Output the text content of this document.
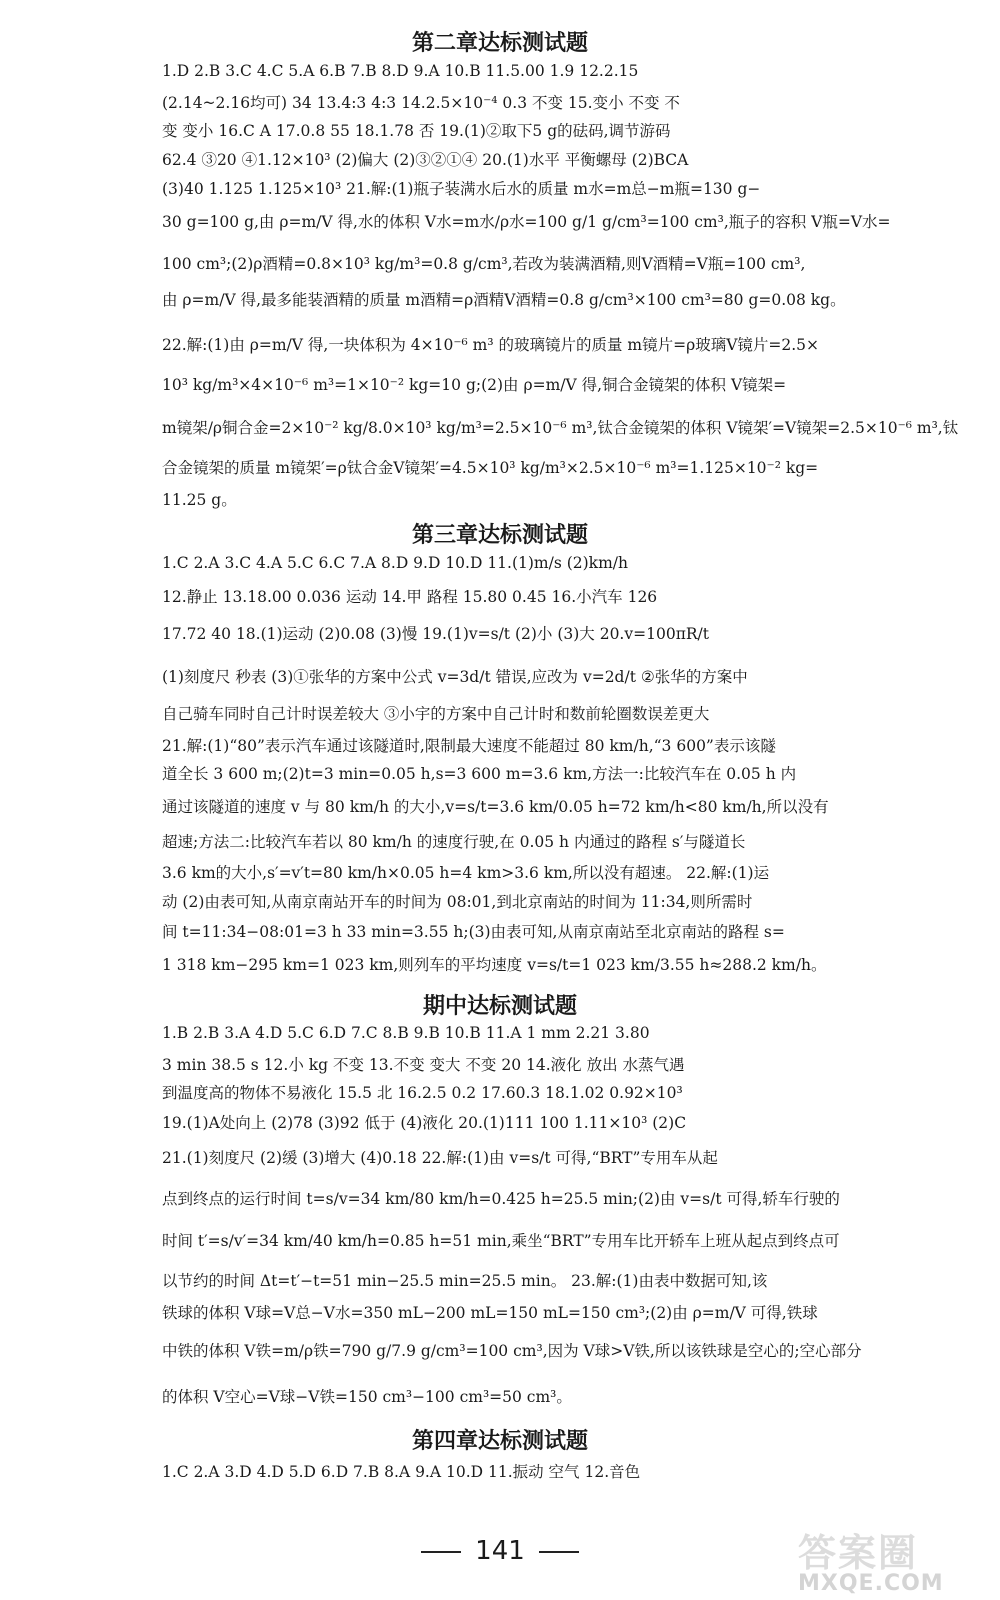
第二章达标测试题
1.D 2.B 3.C 4.C 5.A 6.B 7.B 8.D 9.A 10.B 11.5.00 1.9 12.2.15
(2.14~2.16均可) 34 13.4:3 4:3 14.2.5×10⁻⁴ 0.3 不变 15.变小 不变 不
变 变小 16.C A 17.0.8 55 18.1.78 否 19.(1)②取下5 g的砝码,调节游码
62.4 ③20 ④1.12×10³ (2)偏大 (2)③②①④ 20.(1)水平 平衡螺母 (2)BCA
(3)40 1.125 1.125×10³ 21.解:(1)瓶子装满水后水的质量 m水=m总−m瓶=130 g−
30 g=100 g,由 ρ=m/V 得,水的体积 V水=m水/ρ水=100 g/1 g/cm³=100 cm³,瓶子的容积 V瓶=V水=
100 cm³;(2)ρ酒精=0.8×10³ kg/m³=0.8 g/cm³,若改为装满酒精,则V酒精=V瓶=100 cm³,
由 ρ=m/V 得,最多能装酒精的质量 m酒精=ρ酒精V酒精=0.8 g/cm³×100 cm³=80 g=0.08 kg。
22.解:(1)由 ρ=m/V 得,一块体积为 4×10⁻⁶ m³ 的玻璃镜片的质量 m镜片=ρ玻璃V镜片=2.5×
10³ kg/m³×4×10⁻⁶ m³=1×10⁻² kg=10 g;(2)由 ρ=m/V 得,铜合金镜架的体积 V镜架=
m镜架/ρ铜合金=2×10⁻² kg/8.0×10³ kg/m³=2.5×10⁻⁶ m³,钛合金镜架的体积 V镜架′=V镜架=2.5×10⁻⁶ m³,钛
合金镜架的质量 m镜架′=ρ钛合金V镜架′=4.5×10³ kg/m³×2.5×10⁻⁶ m³=1.125×10⁻² kg=
11.25 g。
第三章达标测试题
1.C 2.A 3.C 4.A 5.C 6.C 7.A 8.D 9.D 10.D 11.(1)m/s (2)km/h
12.静止 13.18.00 0.036 运动 14.甲 路程 15.80 0.45 16.小汽车 126
17.72 40 18.(1)运动 (2)0.08 (3)慢 19.(1)v=s/t (2)小 (3)大 20.v=100πR/t
(1)刻度尺 秒表 (3)①张华的方案中公式 v=3d/t 错误,应改为 v=2d/t ②张华的方案中
自己骑车同时自己计时误差较大 ③小宇的方案中自己计时和数前轮圈数误差更大
21.解:(1)“80”表示汽车通过该隧道时,限制最大速度不能超过 80 km/h,“3 600”表示该隧
道全长 3 600 m;(2)t=3 min=0.05 h,s=3 600 m=3.6 km,方法一:比较汽车在 0.05 h 内
通过该隧道的速度 v 与 80 km/h 的大小,v=s/t=3.6 km/0.05 h=72 km/h<80 km/h,所以没有
超速;方法二:比较汽车若以 80 km/h 的速度行驶,在 0.05 h 内通过的路程 s′与隧道长
3.6 km的大小,s′=v′t=80 km/h×0.05 h=4 km>3.6 km,所以没有超速。 22.解:(1)运
动 (2)由表可知,从南京南站开车的时间为 08:01,到北京南站的时间为 11:34,则所需时
间 t=11:34−08:01=3 h 33 min=3.55 h;(3)由表可知,从南京南站至北京南站的路程 s=
1 318 km−295 km=1 023 km,则列车的平均速度 v=s/t=1 023 km/3.55 h≈288.2 km/h。
期中达标测试题
1.B 2.B 3.A 4.D 5.C 6.D 7.C 8.B 9.B 10.B 11.A 1 mm 2.21 3.80
3 min 38.5 s 12.小 kg 不变 13.不变 变大 不变 20 14.液化 放出 水蒸气遇
到温度高的物体不易液化 15.5 北 16.2.5 0.2 17.60.3 18.1.02 0.92×10³
19.(1)A处向上 (2)78 (3)92 低于 (4)液化 20.(1)111 100 1.11×10³ (2)C
21.(1)刻度尺 (2)缓 (3)增大 (4)0.18 22.解:(1)由 v=s/t 可得,“BRT”专用车从起
点到终点的运行时间 t=s/v=34 km/80 km/h=0.425 h=25.5 min;(2)由 v=s/t 可得,轿车行驶的
时间 t′=s/v′=34 km/40 km/h=0.85 h=51 min,乘坐“BRT”专用车比开轿车上班从起点到终点可
以节约的时间 Δt=t′−t=51 min−25.5 min=25.5 min。 23.解:(1)由表中数据可知,该
铁球的体积 V球=V总−V水=350 mL−200 mL=150 mL=150 cm³;(2)由 ρ=m/V 可得,铁球
中铁的体积 V铁=m/ρ铁=790 g/7.9 g/cm³=100 cm³,因为 V球>V铁,所以该铁球是空心的;空心部分
的体积 V空心=V球−V铁=150 cm³−100 cm³=50 cm³。
第四章达标测试题
1.C 2.A 3.D 4.D 5.D 6.D 7.B 8.A 9.A 10.D 11.振动 空气 12.音色
141	答案圈
MXQE.COM
